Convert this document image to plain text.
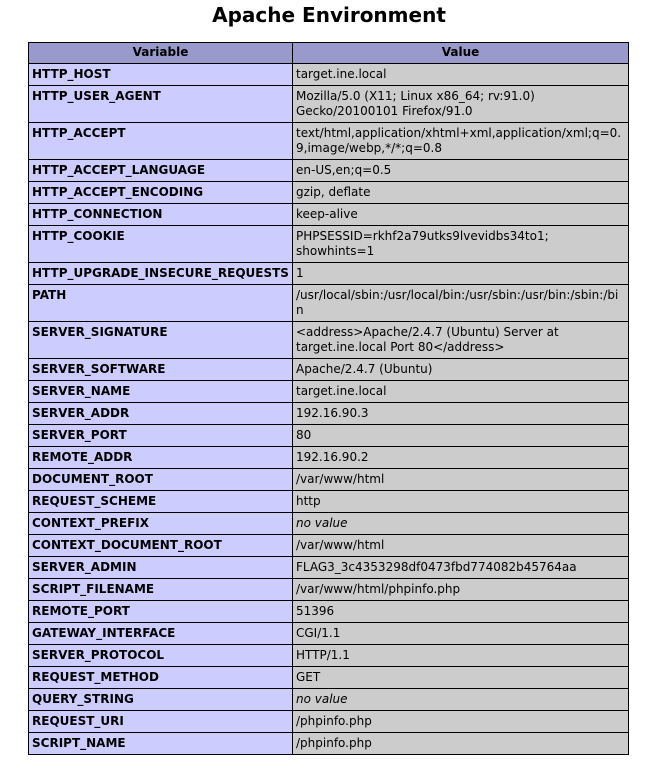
Apache Environment
Variable	Value
HTTP_HOST	target.ine.local
HTTP_USER_AGENT	Mozilla/5.0 (X11; Linux x86_64; rv:91.0) Gecko/20100101 Firefox/91.0
HTTP_ACCEPT	text/html,application/xhtml+xml,application/xml;q=0.9,image/webp,*/*;q=0.8
HTTP_ACCEPT_LANGUAGE	en-US,en;q=0.5
HTTP_ACCEPT_ENCODING	gzip, deflate
HTTP_CONNECTION	keep-alive
HTTP_COOKIE	PHPSESSID=rkhf2a79utks9lvevidbs34to1; showhints=1
HTTP_UPGRADE_INSECURE_REQUESTS	1
PATH	/usr/local/sbin:/usr/local/bin:/usr/sbin:/usr/bin:/sbin:/bin
SERVER_SIGNATURE	<address>Apache/2.4.7 (Ubuntu) Server at target.ine.local Port 80</address>
SERVER_SOFTWARE	Apache/2.4.7 (Ubuntu)
SERVER_NAME	target.ine.local
SERVER_ADDR	192.16.90.3
SERVER_PORT	80
REMOTE_ADDR	192.16.90.2
DOCUMENT_ROOT	/var/www/html
REQUEST_SCHEME	http
CONTEXT_PREFIX	no value
CONTEXT_DOCUMENT_ROOT	/var/www/html
SERVER_ADMIN	FLAG3_3c4353298df0473fbd774082b45764aa
SCRIPT_FILENAME	/var/www/html/phpinfo.php
REMOTE_PORT	51396
GATEWAY_INTERFACE	CGI/1.1
SERVER_PROTOCOL	HTTP/1.1
REQUEST_METHOD	GET
QUERY_STRING	no value
REQUEST_URI	/phpinfo.php
SCRIPT_NAME	/phpinfo.php
